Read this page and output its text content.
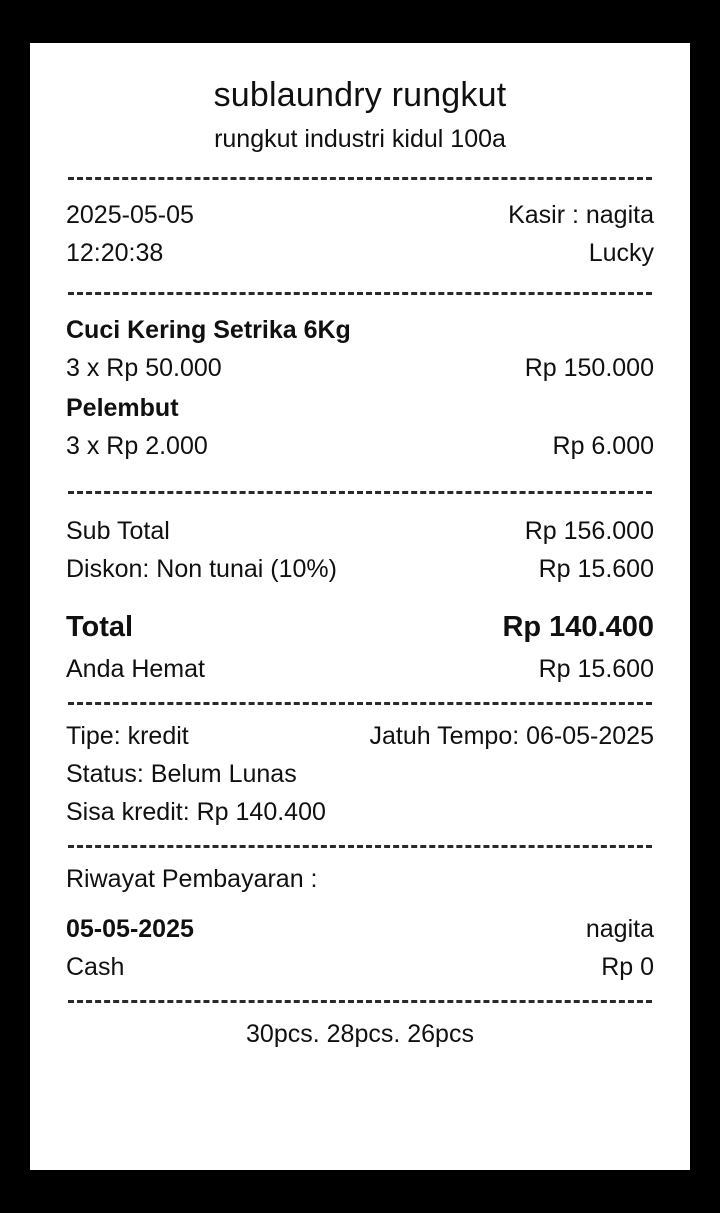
sublaundry rungkut
rungkut industri kidul 100a
2025-05-05	Kasir : nagita
12:20:38	Lucky
Cuci Kering Setrika 6Kg
3 x Rp 50.000	Rp 150.000
Pelembut
3 x Rp 2.000	Rp 6.000
Sub Total	Rp 156.000
Diskon: Non tunai (10%)	Rp 15.600
Total	Rp 140.400
Anda Hemat	Rp 15.600
Tipe: kredit	Jatuh Tempo: 06-05-2025
Status: Belum Lunas
Sisa kredit: Rp 140.400
Riwayat Pembayaran :
05-05-2025	nagita
Cash	Rp 0
30pcs. 28pcs. 26pcs
